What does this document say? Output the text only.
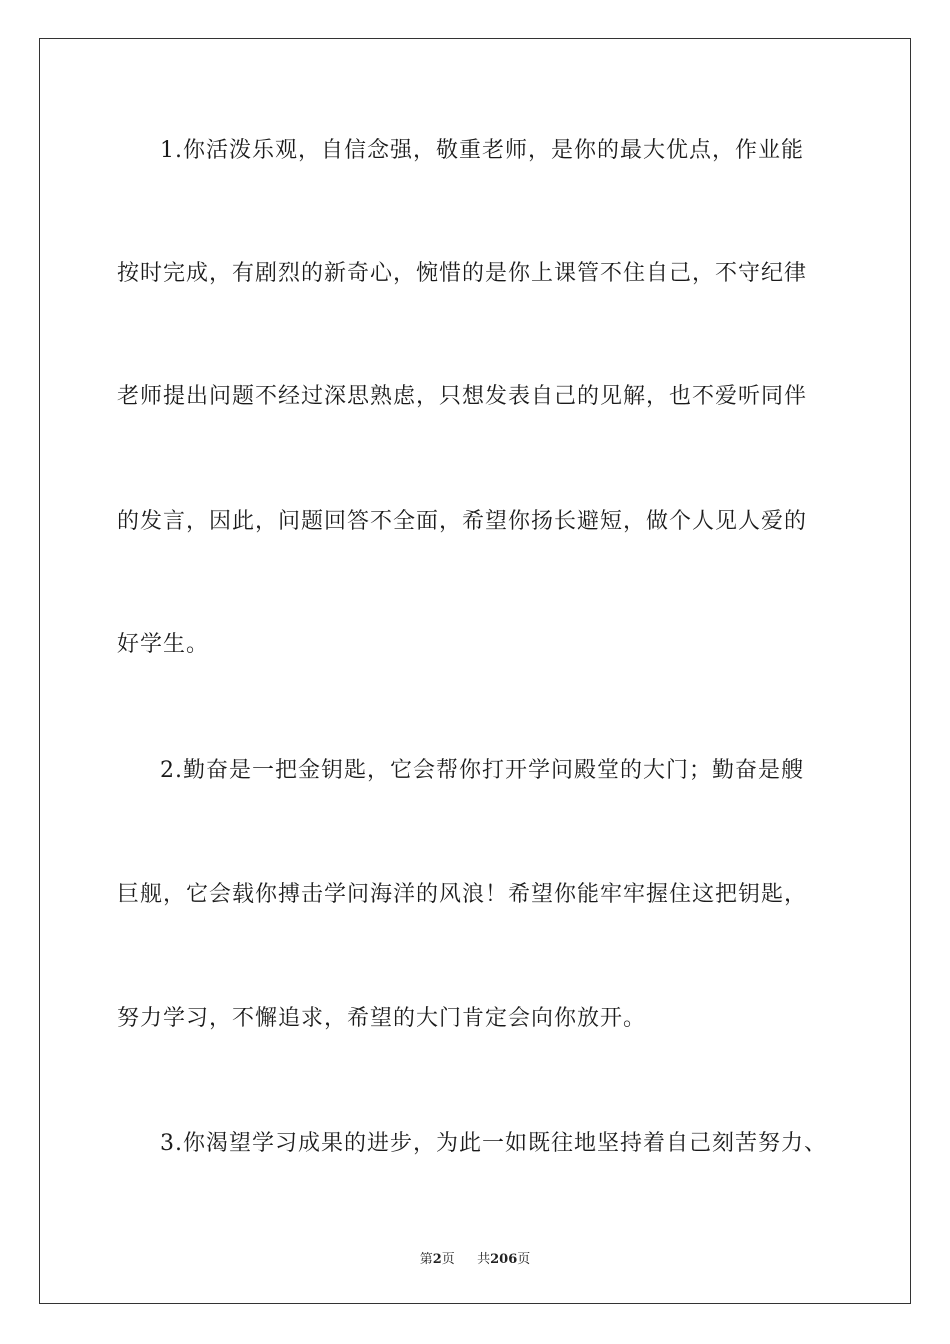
1.你活泼乐观，自信念强，敬重老师，是你的最大优点，作业能
按时完成，有剧烈的新奇心，惋惜的是你上课管不住自己，不守纪律
老师提出问题不经过深思熟虑，只想发表自己的见解，也不爱听同伴
的发言，因此，问题回答不全面，希望你扬长避短，做个人见人爱的
好学生。
2.勤奋是一把金钥匙，它会帮你打开学问殿堂的大门；勤奋是艘
巨舰，它会载你搏击学问海洋的风浪！希望你能牢牢握住这把钥匙，
努力学习，不懈追求，希望的大门肯定会向你放开。
3.你渴望学习成果的进步，为此一如既往地坚持着自己刻苦努力、
第2页 共206页
